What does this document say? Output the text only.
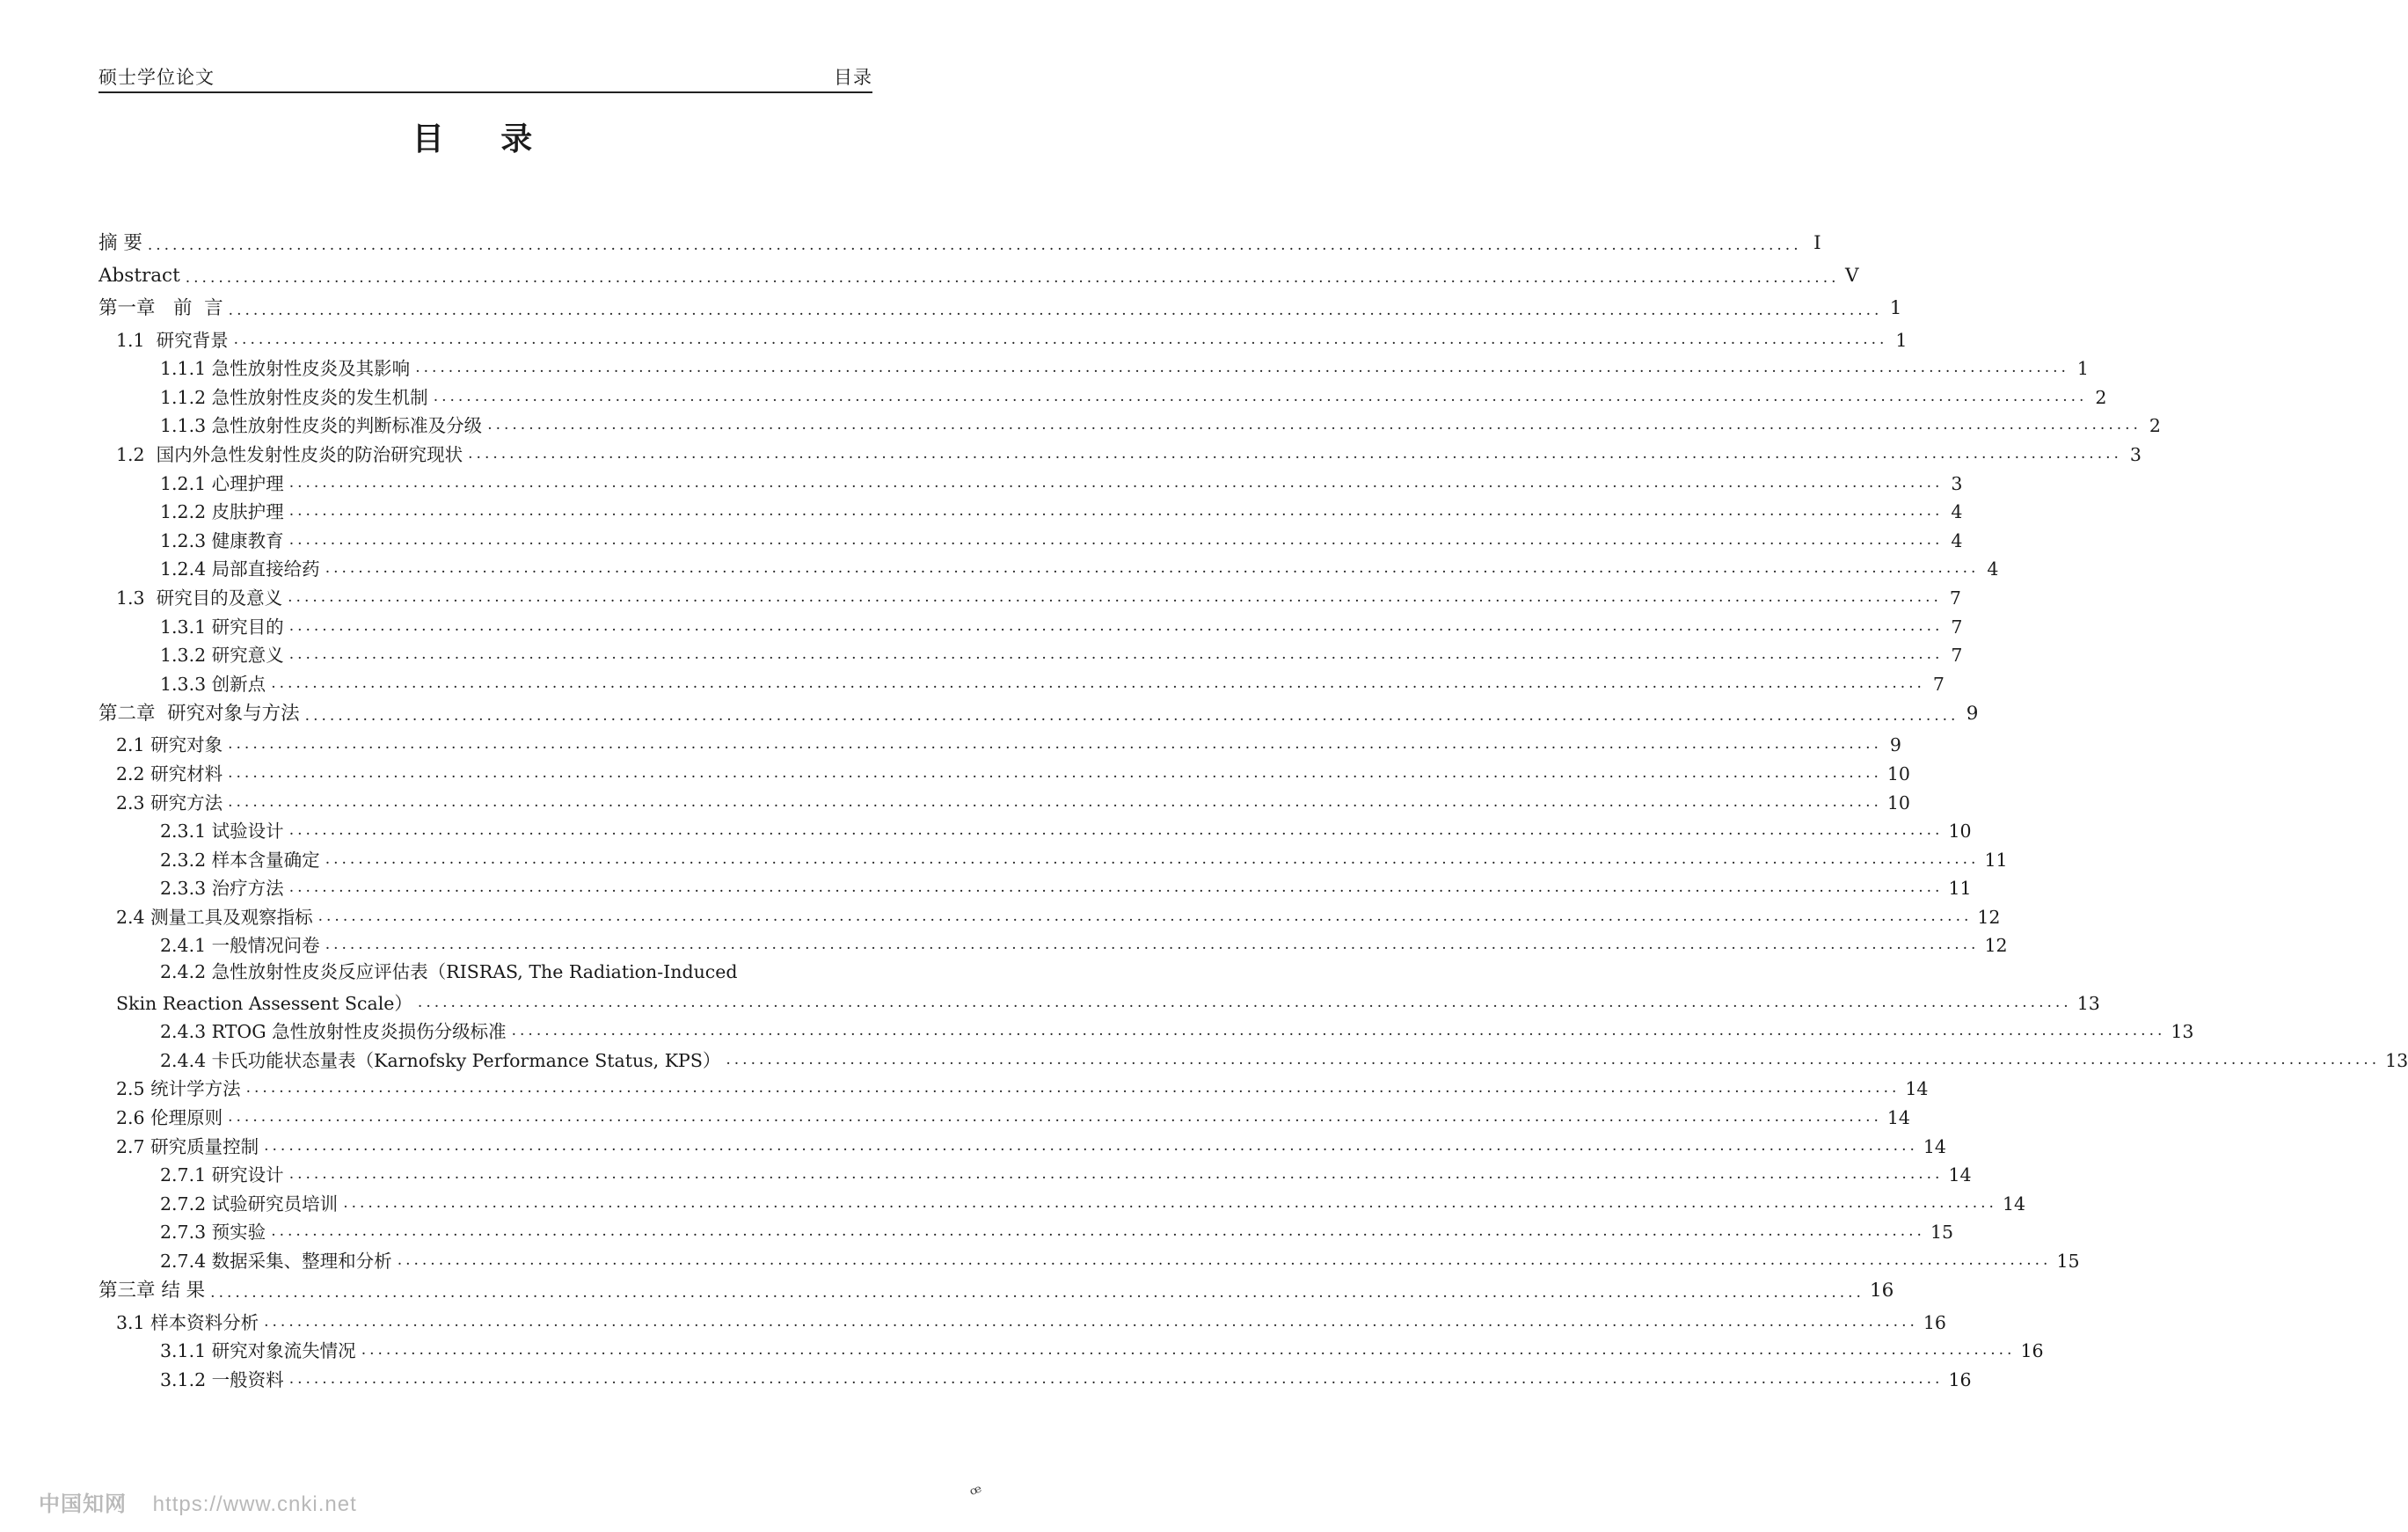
硕士学位论文	目录
目 录
摘 要 ........................................................................................................................................................................................................ I
Abstract ........................................................................................................................................................................................................ V
第一章   前  言 ........................................................................................................................................................................................................ 1
1.1  研究背景 ........................................................................................................................................................................................................ 1
1.1.1 急性放射性皮炎及其影响 ........................................................................................................................................................................................................ 1
1.1.2 急性放射性皮炎的发生机制 ........................................................................................................................................................................................................ 2
1.1.3 急性放射性皮炎的判断标准及分级 ........................................................................................................................................................................................................ 2
1.2  国内外急性发射性皮炎的防治研究现状 ........................................................................................................................................................................................................ 3
1.2.1 心理护理 ........................................................................................................................................................................................................ 3
1.2.2 皮肤护理 ........................................................................................................................................................................................................ 4
1.2.3 健康教育 ........................................................................................................................................................................................................ 4
1.2.4 局部直接给药 ........................................................................................................................................................................................................ 4
1.3  研究目的及意义 ........................................................................................................................................................................................................ 7
1.3.1 研究目的 ........................................................................................................................................................................................................ 7
1.3.2 研究意义 ........................................................................................................................................................................................................ 7
1.3.3 创新点 ........................................................................................................................................................................................................ 7
第二章  研究对象与方法 ........................................................................................................................................................................................................ 9
2.1 研究对象 ........................................................................................................................................................................................................ 9
2.2 研究材料 ........................................................................................................................................................................................................ 10
2.3 研究方法 ........................................................................................................................................................................................................ 10
2.3.1 试验设计 ........................................................................................................................................................................................................ 10
2.3.2 样本含量确定 ........................................................................................................................................................................................................ 11
2.3.3 治疗方法 ........................................................................................................................................................................................................ 11
2.4 测量工具及观察指标 ........................................................................................................................................................................................................ 12
2.4.1 一般情况问卷 ........................................................................................................................................................................................................ 12
2.4.2 急性放射性皮炎反应评估表（RISRAS, The Radiation-Induced
Skin Reaction Assessent Scale） ........................................................................................................................................................................................................ 13
2.4.3 RTOG 急性放射性皮炎损伤分级标准 ........................................................................................................................................................................................................ 13
2.4.4 卡氏功能状态量表（Karnofsky Performance Status, KPS） ........................................................................................................................................................................................................ 13
2.5 统计学方法 ........................................................................................................................................................................................................ 14
2.6 伦理原则 ........................................................................................................................................................................................................ 14
2.7 研究质量控制 ........................................................................................................................................................................................................ 14
2.7.1 研究设计 ........................................................................................................................................................................................................ 14
2.7.2 试验研究员培训 ........................................................................................................................................................................................................ 14
2.7.3 预实验 ........................................................................................................................................................................................................ 15
2.7.4 数据采集、整理和分析 ........................................................................................................................................................................................................ 15
第三章 结 果 ........................................................................................................................................................................................................ 16
3.1 样本资料分析 ........................................................................................................................................................................................................ 16
3.1.1 研究对象流失情况 ........................................................................................................................................................................................................ 16
3.1.2 一般资料 ........................................................................................................................................................................................................ 16
中国知网 https://www.cnki.net	ꟹ
